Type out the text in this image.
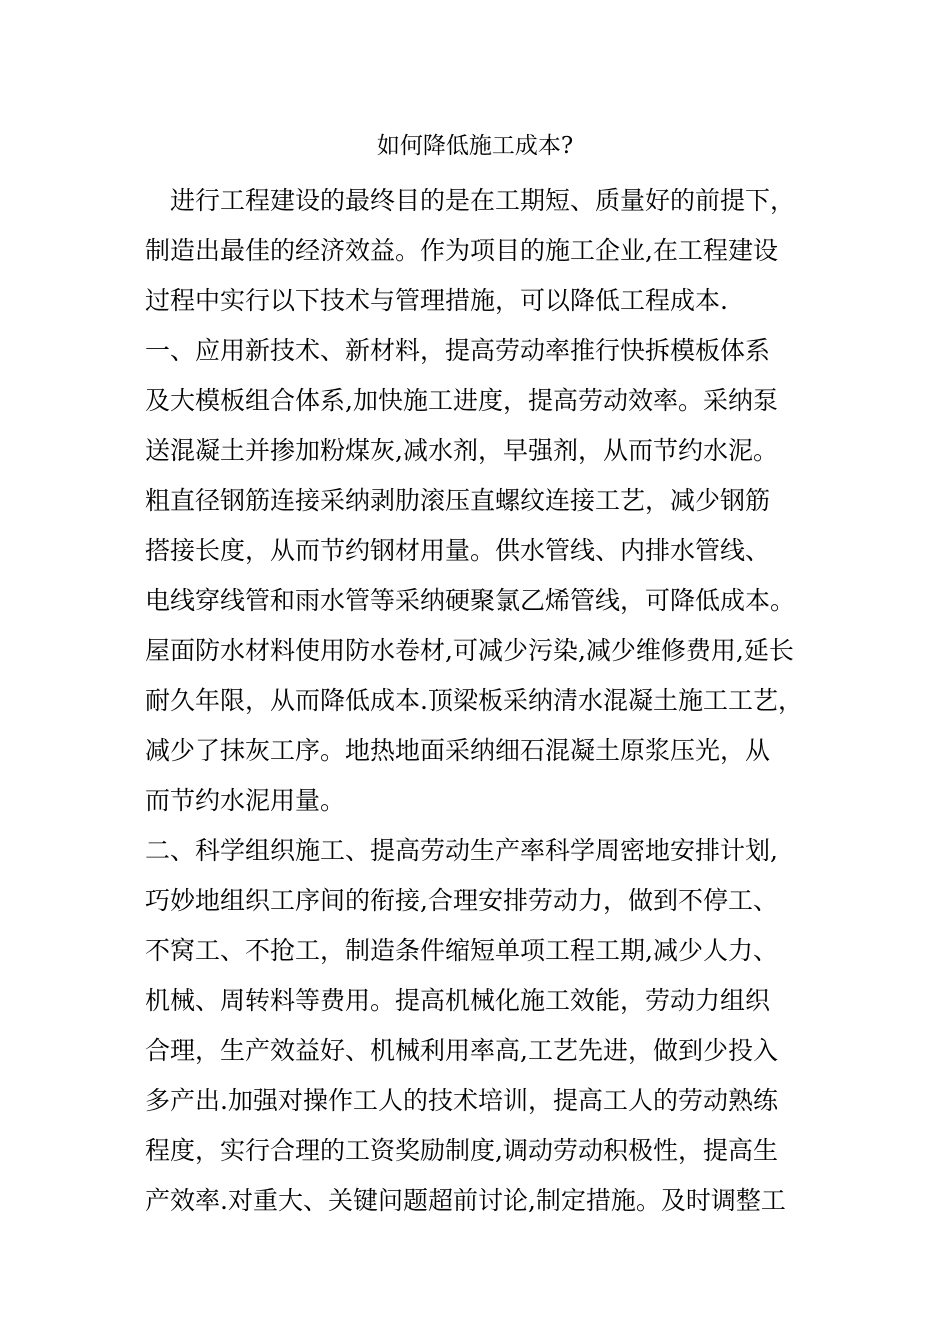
如何降低施工成本?
进行工程建设的最终目的是在工期短、质量好的前提下，
制造出最佳的经济效益。作为项目的施工企业,在工程建设
过程中实行以下技术与管理措施，可以降低工程成本.
一、应用新技术、新材料，提高劳动率推行快拆模板体系
及大模板组合体系,加快施工进度，提高劳动效率。采纳泵
送混凝土并掺加粉煤灰,减水剂，早强剂，从而节约水泥。
粗直径钢筋连接采纳剥肋滚压直螺纹连接工艺，减少钢筋
搭接长度，从而节约钢材用量。供水管线、内排水管线、
电线穿线管和雨水管等采纳硬聚氯乙烯管线，可降低成本。
屋面防水材料使用防水卷材,可减少污染,减少维修费用,延长
耐久年限，从而降低成本.顶梁板采纳清水混凝土施工工艺，
减少了抹灰工序。地热地面采纳细石混凝土原浆压光，从
而节约水泥用量。
二、科学组织施工、提高劳动生产率科学周密地安排计划,
巧妙地组织工序间的衔接,合理安排劳动力，做到不停工、
不窝工、不抢工，制造条件缩短单项工程工期,减少人力、
机械、周转料等费用。提高机械化施工效能，劳动力组织
合理，生产效益好、机械利用率高,工艺先进，做到少投入
多产出.加强对操作工人的技术培训，提高工人的劳动熟练
程度，实行合理的工资奖励制度,调动劳动积极性，提高生
产效率.对重大、关键问题超前讨论,制定措施。及时调整工
